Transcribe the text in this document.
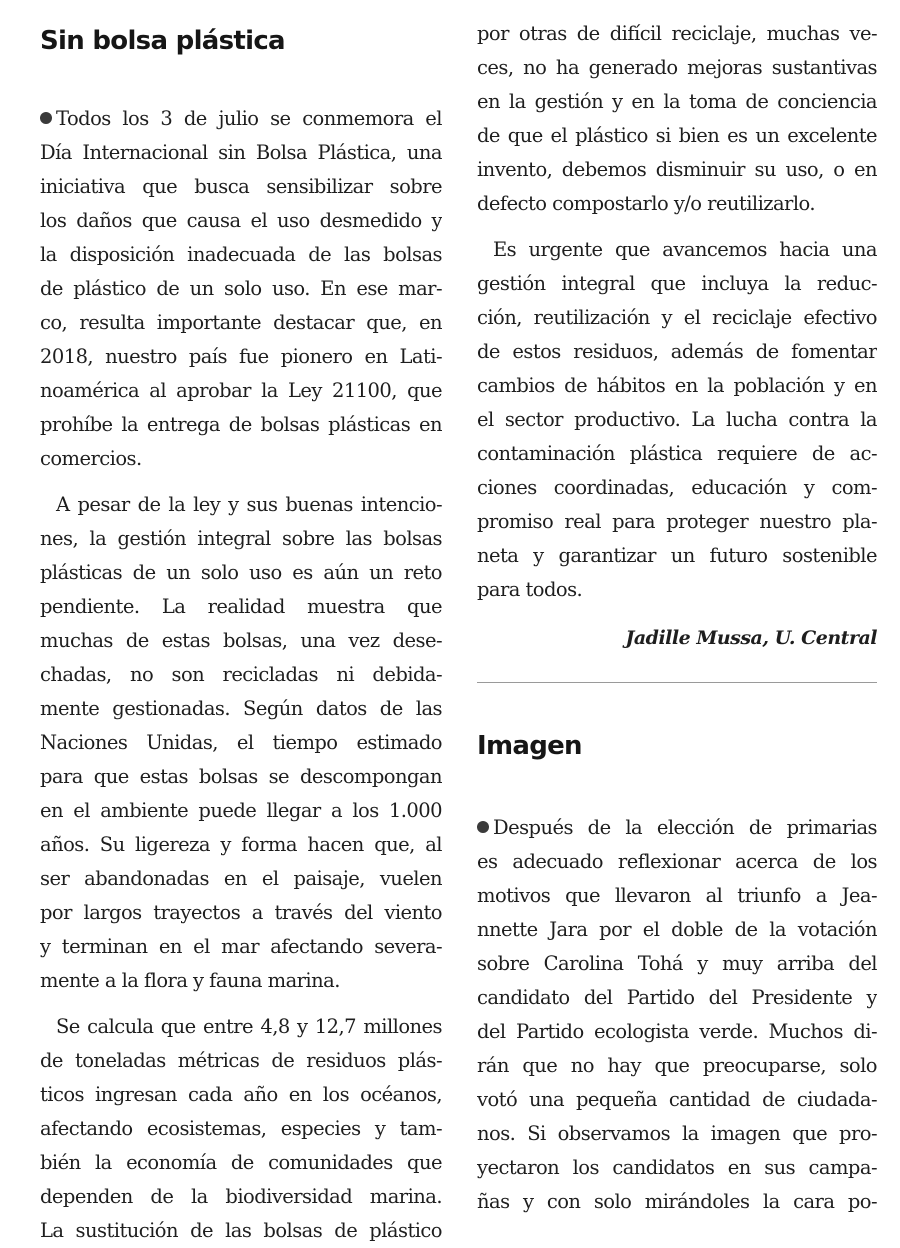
Sin bolsa plástica
Todos los 3 de julio se conmemora el
Día Internacional sin Bolsa Plástica, una
iniciativa que busca sensibilizar sobre
los daños que causa el uso desmedido y
la disposición inadecuada de las bolsas
de plástico de un solo uso. En ese mar-
co, resulta importante destacar que, en
2018, nuestro país fue pionero en Lati-
noamérica al aprobar la Ley 21100, que
prohíbe la entrega de bolsas plásticas en
comercios.
A pesar de la ley y sus buenas intencio-
nes, la gestión integral sobre las bolsas
plásticas de un solo uso es aún un reto
pendiente. La realidad muestra que
muchas de estas bolsas, una vez dese-
chadas, no son recicladas ni debida-
mente gestionadas. Según datos de las
Naciones Unidas, el tiempo estimado
para que estas bolsas se descompongan
en el ambiente puede llegar a los 1.000
años. Su ligereza y forma hacen que, al
ser abandonadas en el paisaje, vuelen
por largos trayectos a través del viento
y terminan en el mar afectando severa-
mente a la flora y fauna marina.
Se calcula que entre 4,8 y 12,7 millones
de toneladas métricas de residuos plás-
ticos ingresan cada año en los océanos,
afectando ecosistemas, especies y tam-
bién la economía de comunidades que
dependen de la biodiversidad marina.
La sustitución de las bolsas de plástico
por otras de difícil reciclaje, muchas ve-
ces, no ha generado mejoras sustantivas
en la gestión y en la toma de conciencia
de que el plástico si bien es un excelente
invento, debemos disminuir su uso, o en
defecto compostarlo y/o reutilizarlo.
Es urgente que avancemos hacia una
gestión integral que incluya la reduc-
ción, reutilización y el reciclaje efectivo
de estos residuos, además de fomentar
cambios de hábitos en la población y en
el sector productivo. La lucha contra la
contaminación plástica requiere de ac-
ciones coordinadas, educación y com-
promiso real para proteger nuestro pla-
neta y garantizar un futuro sostenible
para todos.
Jadille Mussa, U. Central
Imagen
Después de la elección de primarias
es adecuado reflexionar acerca de los
motivos que llevaron al triunfo a Jea-
nnette Jara por el doble de la votación
sobre Carolina Tohá y muy arriba del
candidato del Partido del Presidente y
del Partido ecologista verde. Muchos di-
rán que no hay que preocuparse, solo
votó una pequeña cantidad de ciudada-
nos. Si observamos la imagen que pro-
yectaron los candidatos en sus campa-
ñas y con solo mirándoles la cara po-
